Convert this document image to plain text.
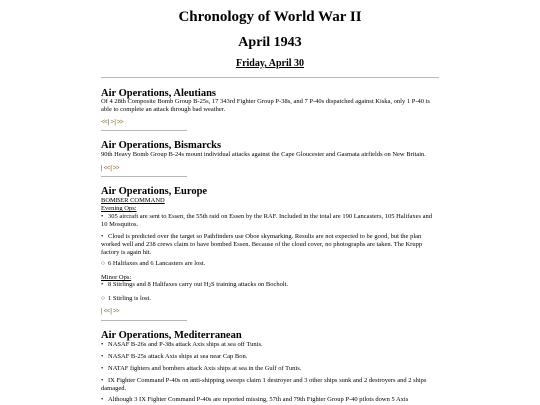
Chronology of World War II
April 1943
Friday, April 30
Air Operations, Aleutians
Of 4 28th Composite Bomb Group B-25s, 17 343rd Fighter Group P-38s, and 7 P-40s dispatched against Kiska, only 1 P-40 is able to complete an attack through bad weather.
<< | > | >>
Air Operations, Bismarcks
90th Heavy Bomb Group B-24s mount individual attacks against the Cape Gloucester and Gasmata airfields on New Britain.
| << | >>
Air Operations, Europe
BOMBER COMMAND
Evening Ops:
• 305 aircraft are sent to Essen, the 55th raid on Essen by the RAF. Included in the total are 190 Lancasters, 105 Halifaxes and 10 Mosquitos.
• Cloud is predicted over the target so Pathfinders use Oboe skymarking. Results are not expected to be good, but the plan worked well and 238 crews claim to have bombed Essen. Because of the cloud cover, no photographs are taken. The Krupp factory is again hit.
○ 6 Halifaxes and 6 Lancasters are lost.
Minor Ops:
• 8 Stirlings and 8 Halifaxes carry out $H_2S$ training attacks on Bocholt.
○ 1 Stirling is lost.
| << | >>
Air Operations, Mediterranean
• NASAF B-26s and P-38s attack Axis ships at sea off Tunis.
• NASAF B-25s attack Axis ships at sea near Cap Bon.
• NATAF fighters and bombers attack Axis ships at sea in the Gulf of Tunis.
• IX Fighter Command P-40s on anti-shipping sweeps claim 1 destroyer and 3 other ships sunk and 2 destroyers and 2 ships damaged.
• Although 3 IX Fighter Command P-40s are reported missing, 57th and 79th Fighter Group P-40 pilots down 5 Axis
